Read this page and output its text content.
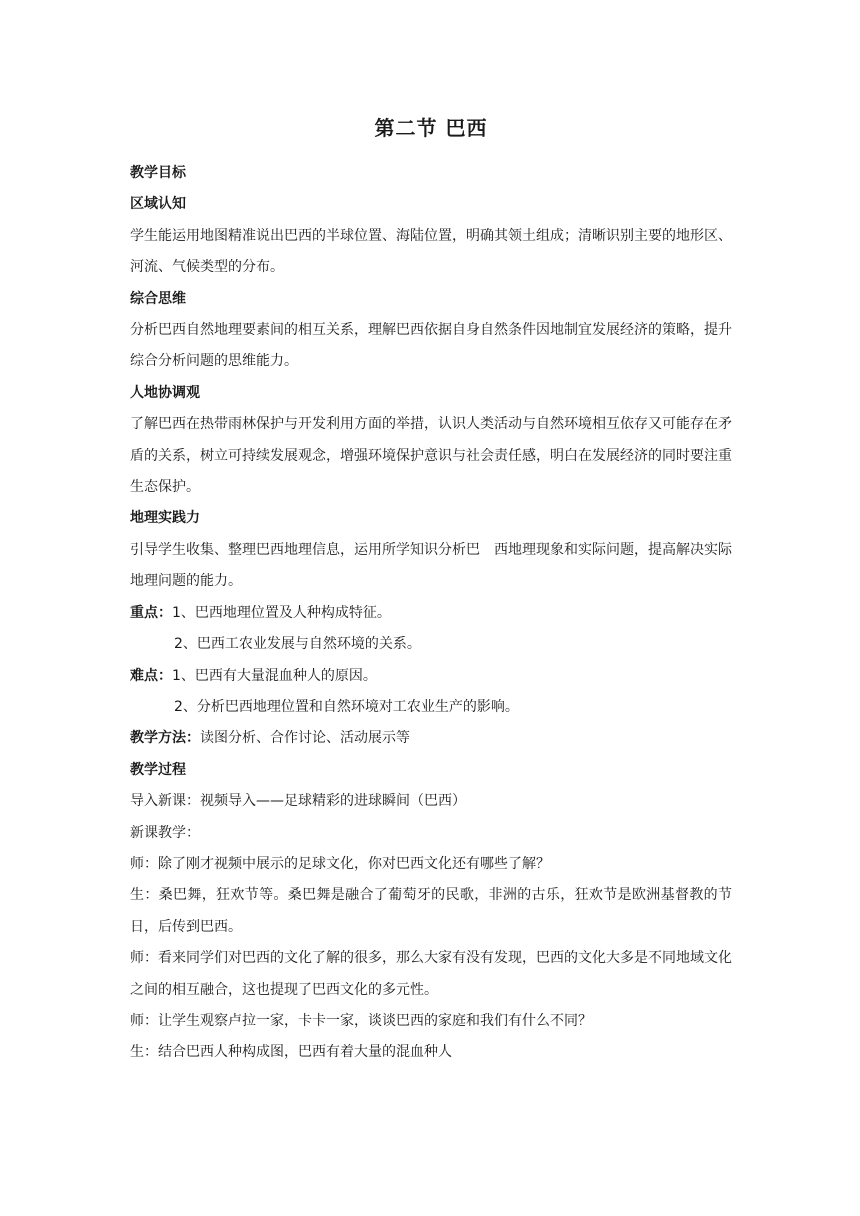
第二节 巴西

教学目标

区域认知

学生能运用地图精准说出巴西的半球位置、海陆位置，明确其领土组成；清晰识别主要的地形区、河流、气候类型的分布。

综合思维

分析巴西自然地理要素间的相互关系，理解巴西依据自身自然条件因地制宜发展经济的策略，提升综合分析问题的思维能力。

人地协调观

了解巴西在热带雨林保护与开发利用方面的举措，认识人类活动与自然环境相互依存又可能存在矛盾的关系，树立可持续发展观念，增强环境保护意识与社会责任感，明白在发展经济的同时要注重生态保护。

地理实践力

引导学生收集、整理巴西地理信息，运用所学知识分析巴　西地理现象和实际问题，提高解决实际地理问题的能力。

重点：1、巴西地理位置及人种构成特征。

2、巴西工农业发展与自然环境的关系。

难点：1、巴西有大量混血种人的原因。

2、分析巴西地理位置和自然环境对工农业生产的影响。

教学方法：读图分析、合作讨论、活动展示等

教学过程

导入新课：视频导入——足球精彩的进球瞬间（巴西）

新课教学：

师：除了刚才视频中展示的足球文化，你对巴西文化还有哪些了解？

生：桑巴舞，狂欢节等。桑巴舞是融合了葡萄牙的民歌，非洲的古乐，狂欢节是欧洲基督教的节日，后传到巴西。

师：看来同学们对巴西的文化了解的很多，那么大家有没有发现，巴西的文化大多是不同地域文化之间的相互融合，这也提现了巴西文化的多元性。

师：让学生观察卢拉一家，卡卡一家，谈谈巴西的家庭和我们有什么不同？

生：结合巴西人种构成图，巴西有着大量的混血种人
